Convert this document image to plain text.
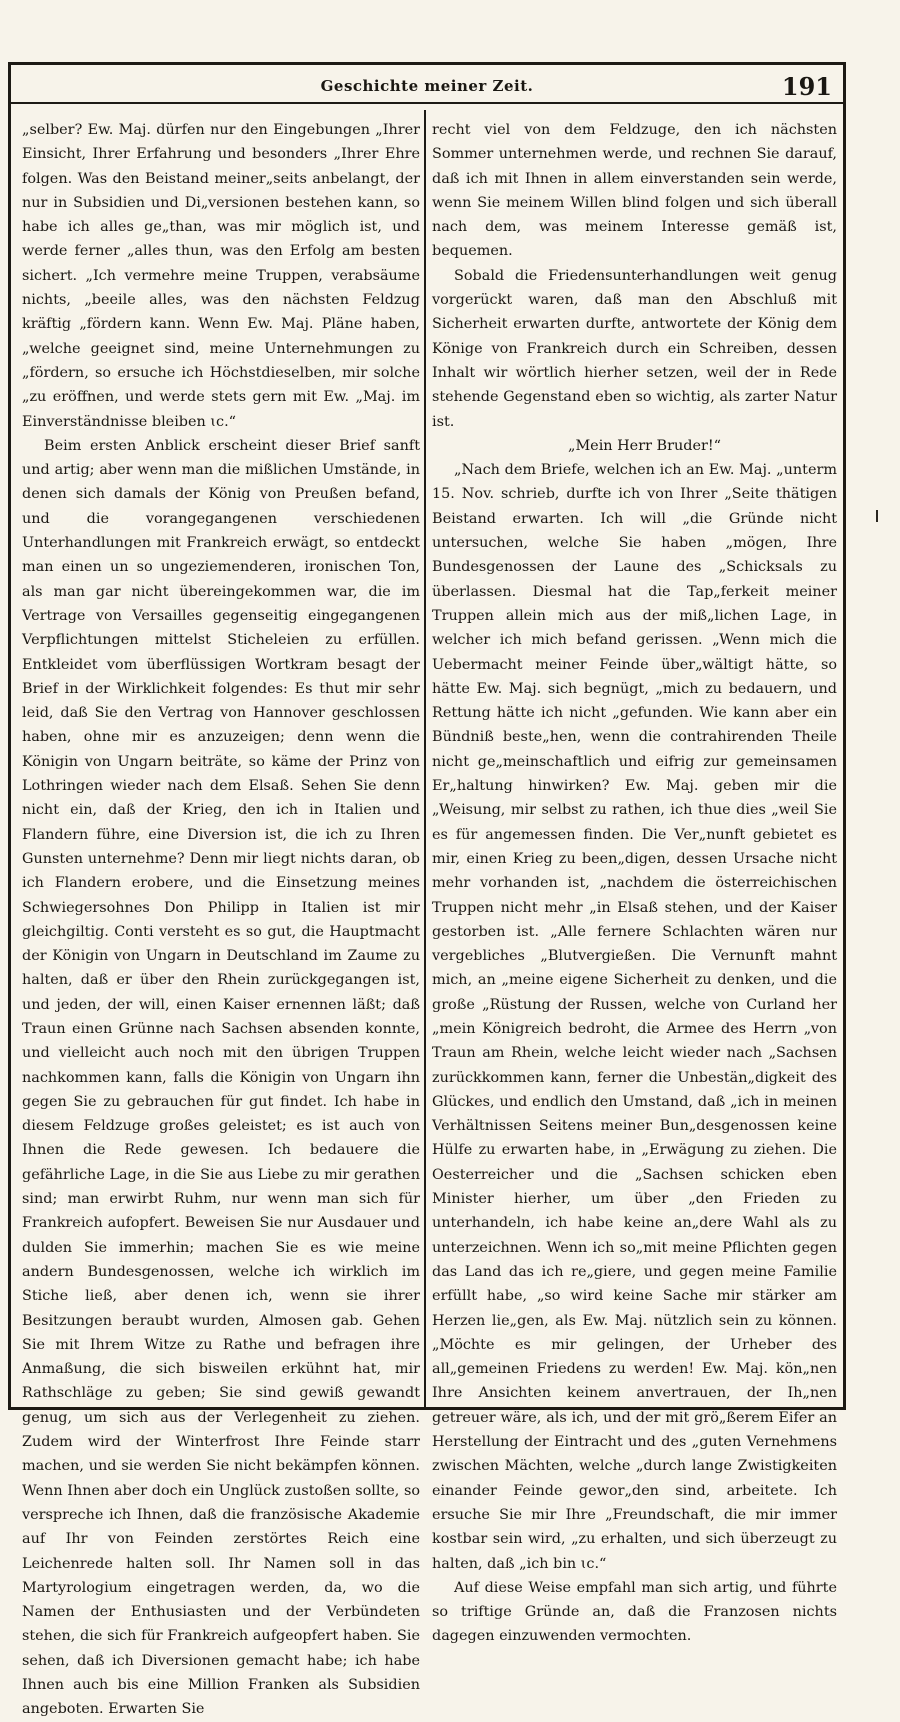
Geschichte meiner Zeit.	191

„selber? Ew. Maj. dürfen nur den Eingebungen „Ihrer Einsicht, Ihrer Erfahrung und besonders „Ihrer Ehre folgen. Was den Beistand meiner„seits anbelangt, der nur in Subsidien und Di„versionen bestehen kann, so habe ich alles ge„than, was mir möglich ist, und werde ferner „alles thun, was den Erfolg am besten sichert. „Ich vermehre meine Truppen, verabsäume nichts, „beeile alles, was den nächsten Feldzug kräftig „fördern kann. Wenn Ew. Maj. Pläne haben, „welche geeignet sind, meine Unternehmungen zu „fördern, so ersuche ich Höchstdieselben, mir solche „zu eröffnen, und werde stets gern mit Ew. „Maj. im Einverständnisse bleiben ɩc.“

Beim ersten Anblick erscheint dieser Brief sanft und artig; aber wenn man die mißlichen Umstände, in denen sich damals der König von Preußen befand, und die vorangegangenen verschiedenen Unterhandlungen mit Frankreich erwägt, so entdeckt man einen un so ungeziemenderen, ironischen Ton, als man gar nicht übereingekommen war, die im Vertrage von Versailles gegenseitig eingegangenen Verpflichtungen mittelst Sticheleien zu erfüllen. Entkleidet vom überflüssigen Wortkram besagt der Brief in der Wirklichkeit folgendes: Es thut mir sehr leid, daß Sie den Vertrag von Hannover geschlossen haben, ohne mir es anzuzeigen; denn wenn die Königin von Ungarn beiträte, so käme der Prinz von Lothringen wieder nach dem Elsaß. Sehen Sie denn nicht ein, daß der Krieg, den ich in Italien und Flandern führe, eine Diversion ist, die ich zu Ihren Gunsten unternehme? Denn mir liegt nichts daran, ob ich Flandern erobere, und die Einsetzung meines Schwiegersohnes Don Philipp in Italien ist mir gleichgiltig. Conti versteht es so gut, die Hauptmacht der Königin von Ungarn in Deutschland im Zaume zu halten, daß er über den Rhein zurückgegangen ist, und jeden, der will, einen Kaiser ernennen läßt; daß Traun einen Grünne nach Sachsen absenden konnte, und vielleicht auch noch mit den übrigen Truppen nachkommen kann, falls die Königin von Ungarn ihn gegen Sie zu gebrauchen für gut findet. Ich habe in diesem Feldzuge großes geleistet; es ist auch von Ihnen die Rede gewesen. Ich bedauere die gefährliche Lage, in die Sie aus Liebe zu mir gerathen sind; man erwirbt Ruhm, nur wenn man sich für Frankreich aufopfert. Beweisen Sie nur Ausdauer und dulden Sie immerhin; machen Sie es wie meine andern Bundesgenossen, welche ich wirklich im Stiche ließ, aber denen ich, wenn sie ihrer Besitzungen beraubt wurden, Almosen gab. Gehen Sie mit Ihrem Witze zu Rathe und befragen ihre Anmaßung, die sich bisweilen erkühnt hat, mir Rathschläge zu geben; Sie sind gewiß gewandt genug, um sich aus der Verlegenheit zu ziehen. Zudem wird der Winterfrost Ihre Feinde starr machen, und sie werden Sie nicht bekämpfen können. Wenn Ihnen aber doch ein Unglück zustoßen sollte, so verspreche ich Ihnen, daß die französische Akademie auf Ihr von Feinden zerstörtes Reich eine Leichenrede halten soll. Ihr Namen soll in das Martyrologium eingetragen werden, da, wo die Namen der Enthusiasten und der Verbündeten stehen, die sich für Frankreich aufgeopfert haben. Sie sehen, daß ich Diversionen gemacht habe; ich habe Ihnen auch bis eine Million Franken als Subsidien angeboten. Erwarten Sie

recht viel von dem Feldzuge, den ich nächsten Sommer unternehmen werde, und rechnen Sie darauf, daß ich mit Ihnen in allem einverstanden sein werde, wenn Sie meinem Willen blind folgen und sich überall nach dem, was meinem Interesse gemäß ist, bequemen.

Sobald die Friedensunterhandlungen weit genug vorgerückt waren, daß man den Abschluß mit Sicherheit erwarten durfte, antwortete der König dem Könige von Frankreich durch ein Schreiben, dessen Inhalt wir wörtlich hierher setzen, weil der in Rede stehende Gegenstand eben so wichtig, als zarter Natur ist.

„Mein Herr Bruder!“

„Nach dem Briefe, welchen ich an Ew. Maj. „unterm 15. Nov. schrieb, durfte ich von Ihrer „Seite thätigen Beistand erwarten. Ich will „die Gründe nicht untersuchen, welche Sie haben „mögen, Ihre Bundesgenossen der Laune des „Schicksals zu überlassen. Diesmal hat die Tap„ferkeit meiner Truppen allein mich aus der miß„lichen Lage, in welcher ich mich befand gerissen. „Wenn mich die Uebermacht meiner Feinde über„wältigt hätte, so hätte Ew. Maj. sich begnügt, „mich zu bedauern, und Rettung hätte ich nicht „gefunden. Wie kann aber ein Bündniß beste„hen, wenn die contrahirenden Theile nicht ge„meinschaftlich und eifrig zur gemeinsamen Er„haltung hinwirken? Ew. Maj. geben mir die „Weisung, mir selbst zu rathen, ich thue dies „weil Sie es für angemessen finden. Die Ver„nunft gebietet es mir, einen Krieg zu been„digen, dessen Ursache nicht mehr vorhanden ist, „nachdem die österreichischen Truppen nicht mehr „in Elsaß stehen, und der Kaiser gestorben ist. „Alle fernere Schlachten wären nur vergebliches „Blutvergießen. Die Vernunft mahnt mich, an „meine eigene Sicherheit zu denken, und die große „Rüstung der Russen, welche von Curland her „mein Königreich bedroht, die Armee des Herrn „von Traun am Rhein, welche leicht wieder nach „Sachsen zurückkommen kann, ferner die Unbestän„digkeit des Glückes, und endlich den Umstand, daß „ich in meinen Verhältnissen Seitens meiner Bun„desgenossen keine Hülfe zu erwarten habe, in „Erwägung zu ziehen. Die Oesterreicher und die „Sachsen schicken eben Minister hierher, um über „den Frieden zu unterhandeln, ich habe keine an„dere Wahl als zu unterzeichnen. Wenn ich so„mit meine Pflichten gegen das Land das ich re„giere, und gegen meine Familie erfüllt habe, „so wird keine Sache mir stärker am Herzen lie„gen, als Ew. Maj. nützlich sein zu können. „Möchte es mir gelingen, der Urheber des all„gemeinen Friedens zu werden! Ew. Maj. kön„nen Ihre Ansichten keinem anvertrauen, der Ih„nen getreuer wäre, als ich, und der mit grö„ßerem Eifer an Herstellung der Eintracht und des „guten Vernehmens zwischen Mächten, welche „durch lange Zwistigkeiten einander Feinde gewor„den sind, arbeitete. Ich ersuche Sie mir Ihre „Freundschaft, die mir immer kostbar sein wird, „zu erhalten, und sich überzeugt zu halten, daß „ich bin ɩc.“

Auf diese Weise empfahl man sich artig, und führte so triftige Gründe an, daß die Franzosen nichts dagegen einzuwenden vermochten.
